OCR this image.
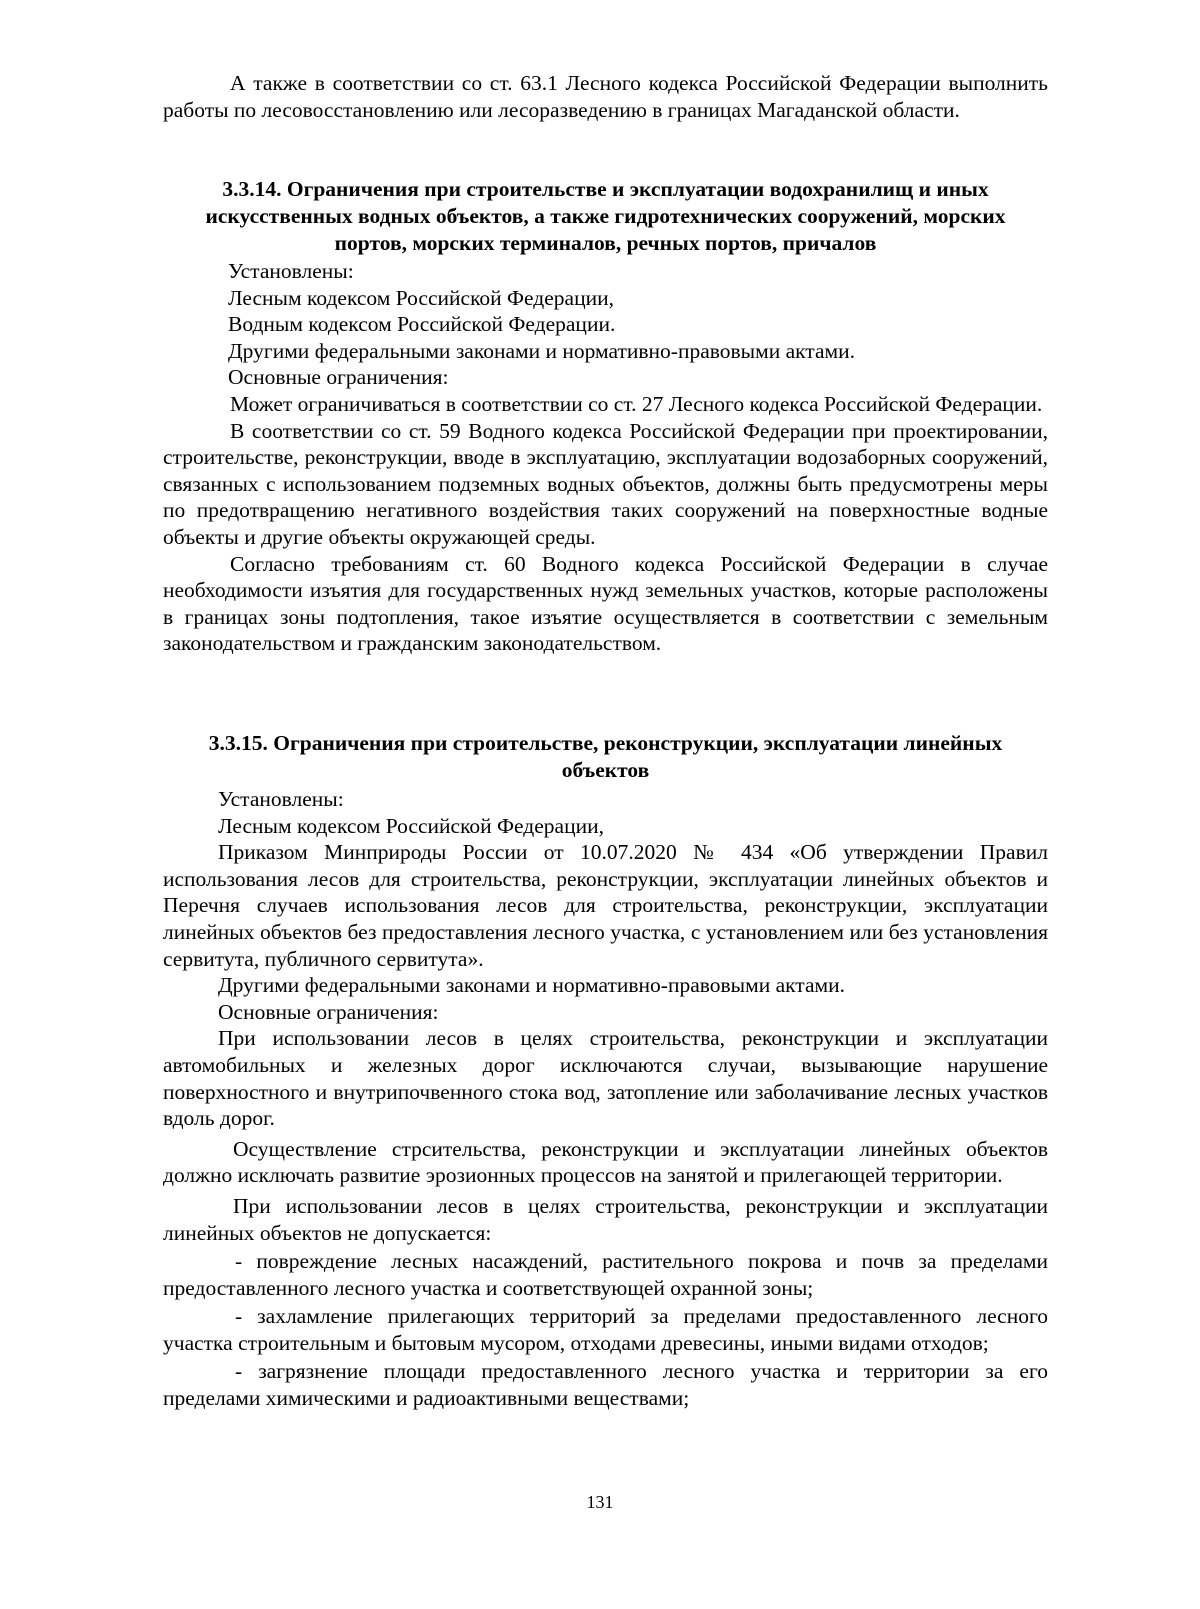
А также в соответствии со ст. 63.1 Лесного кодекса Российской Федерации выполнить работы по лесовосстановлению или лесоразведению в границах Магаданской области.

3.3.14. Ограничения при строительстве и эксплуатации водохранилищ и иных искусственных водных объектов, а также гидротехнических сооружений, морских портов, морских терминалов, речных портов, причалов

Установлены:

Лесным кодексом Российской Федерации,

Водным кодексом Российской Федерации.

Другими федеральными законами и нормативно-правовыми актами.

Основные ограничения:

Может ограничиваться в соответствии со ст. 27 Лесного кодекса Российской Федерации.

В соответствии со ст. 59 Водного кодекса Российской Федерации при проектировании, строительстве, реконструкции, вводе в эксплуатацию, эксплуатации водозаборных сооружений, связанных с использованием подземных водных объектов, должны быть предусмотрены меры по предотвращению негативного воздействия таких сооружений на поверхностные водные объекты и другие объекты окружающей среды.

Согласно требованиям ст. 60 Водного кодекса Российской Федерации в случае необходимости изъятия для государственных нужд земельных участков, которые расположены в границах зоны подтопления, такое изъятие осуществляется в соответствии с земельным законодательством и гражданским законодательством.

3.3.15. Ограничения при строительстве, реконструкции, эксплуатации линейных объектов

Установлены:

Лесным кодексом Российской Федерации,

Приказом Минприроды России от 10.07.2020 № 434 «Об утверждении Правил использования лесов для строительства, реконструкции, эксплуатации линейных объектов и Перечня случаев использования лесов для строительства, реконструкции, эксплуатации линейных объектов без предоставления лесного участка, с установлением или без установления сервитута, публичного сервитута».

Другими федеральными законами и нормативно-правовыми актами.

Основные ограничения:

При использовании лесов в целях строительства, реконструкции и эксплуатации автомобильных и железных дорог исключаются случаи, вызывающие нарушение поверхностного и внутрипочвенного стока вод, затопление или заболачивание лесных участков вдоль дорог.

Осуществление стрсительства, реконструкции и эксплуатации линейных объектов должно исключать развитие эрозионных процессов на занятой и прилегающей территории.

При использовании лесов в целях строительства, реконструкции и эксплуатации линейных объектов не допускается:

- повреждение лесных насаждений, растительного покрова и почв за пределами предоставленного лесного участка и соответствующей охранной зоны;

- захламление прилегающих территорий за пределами предоставленного лесного участка строительным и бытовым мусором, отходами древесины, иными видами отходов;

- загрязнение площади предоставленного лесного участка и территории за его пределами химическими и радиоактивными веществами;

131
